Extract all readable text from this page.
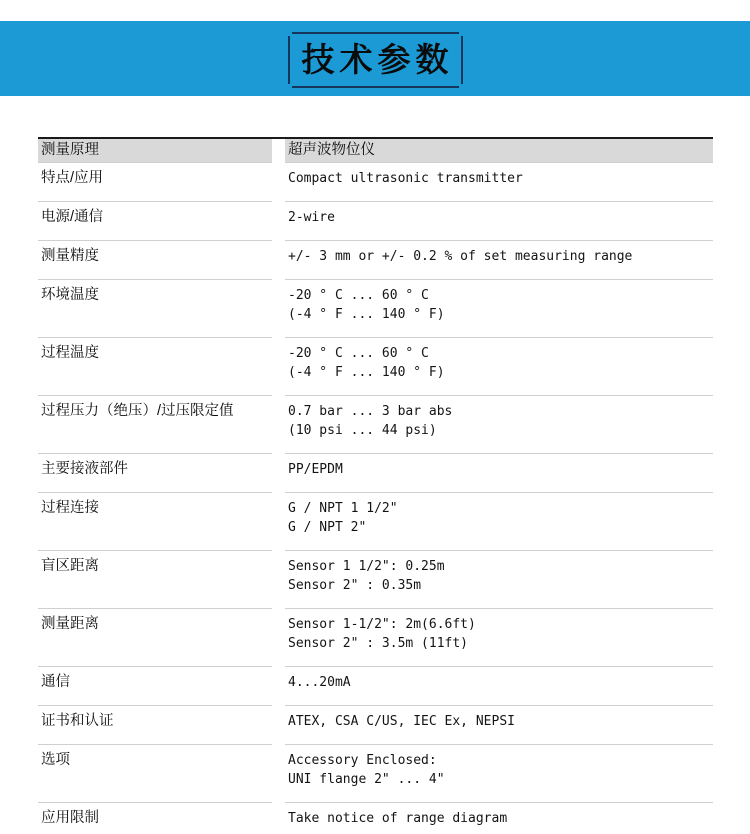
技术参数
测量原理	超声波物位仪
特点/应用	Compact ultrasonic transmitter
电源/通信	2-wire
测量精度	+/- 3 mm or +/- 0.2 % of set measuring range
环境温度	-20 ° C ... 60 ° C
(-4 ° F ... 140 ° F)
过程温度	-20 ° C ... 60 ° C
(-4 ° F ... 140 ° F)
过程压力（绝压）/过压限定值	0.7 bar ... 3 bar abs
(10 psi ... 44 psi)
主要接液部件	PP/EPDM
过程连接	G / NPT 1 1/2"
G / NPT 2"
盲区距离	Sensor 1 1/2": 0.25m
Sensor 2" : 0.35m
测量距离	Sensor 1-1/2": 2m(6.6ft)
Sensor 2" : 3.5m (11ft)
通信	4...20mA
证书和认证	ATEX, CSA C/US, IEC Ex, NEPSI
选项	Accessory Enclosed:
UNI flange 2" ... 4"
应用限制	Take notice of range diagram
